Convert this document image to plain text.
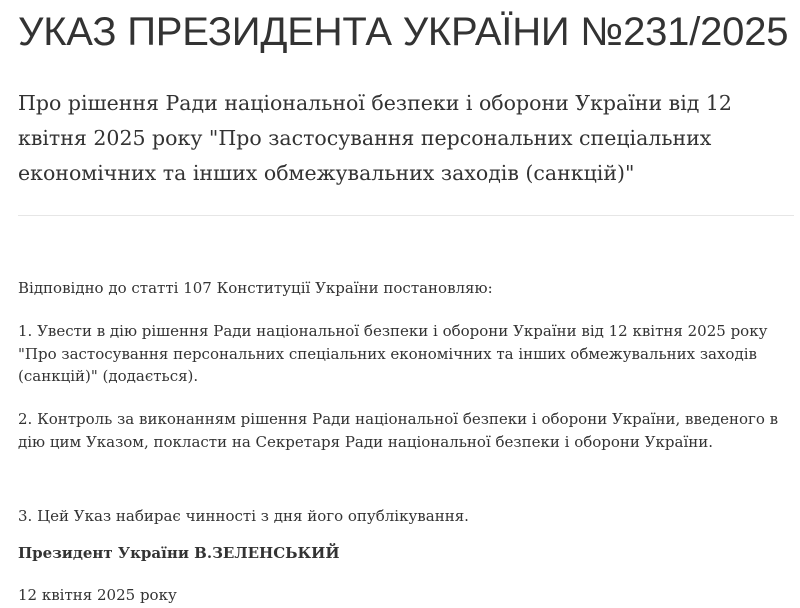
УКАЗ ПРЕЗИДЕНТА УКРАЇНИ №231/2025
Про рішення Ради національної безпеки і оборони України від 12 квітня 2025 року "Про застосування персональних спеціальних економічних та інших обмежувальних заходів (санкцій)"

Відповідно до статті 107 Конституції України постановляю:

1. Увести в дію рішення Ради національної безпеки і оборони України від 12 квітня 2025 року "Про застосування персональних спеціальних економічних та інших обмежувальних заходів (санкцій)" (додається).

2. Контроль за виконанням рішення Ради національної безпеки і оборони України, введеного в дію цим Указом, покласти на Секретаря Ради національної безпеки і оборони України.

3. Цей Указ набирає чинності з дня його опублікування.

Президент України В.ЗЕЛЕНСЬКИЙ

12 квітня 2025 року
